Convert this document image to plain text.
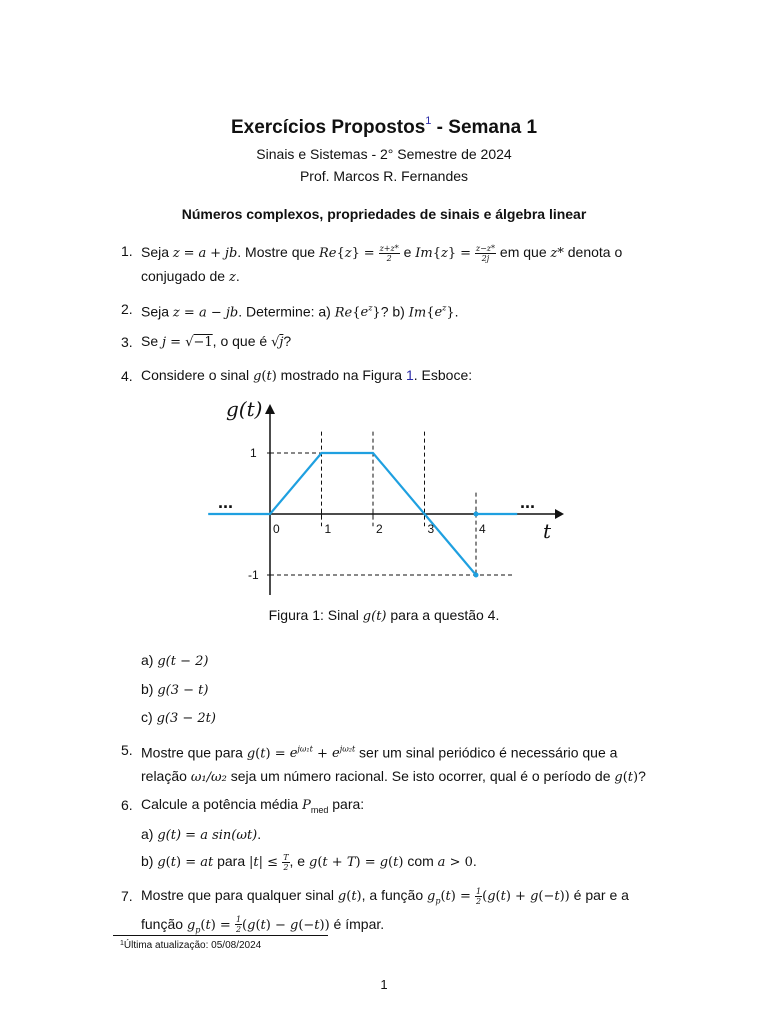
Exercícios Propostos$^1$ - Semana 1
Sinais e Sistemas - 2° Semestre de 2024
Prof. Marcos R. Fernandes
Números complexos, propriedades de sinais e álgebra linear
1. Seja z = a + jb. Mostre que $Re\{z\} = \frac{z+z*}{2}$ e $Im\{z\} = \frac{z-z*}{2j}$ em que z* denota o conjugado de z.
2. Seja z = a − jb. Determine: a) $Re\{e^z\}$? b) $Im\{e^z\}$.
3. Se j = √−1, o que é √j?
4. Considere o sinal g(t) mostrado na Figura 1. Esboce:
0	1	2	3	4
1
-1
g(t)
t
...	...
Figura 1: Sinal g(t) para a questão 4.
a) g(t − 2)
b) g(3 − t)
c) g(3 − 2t)
5. Mostre que para $g(t) = e^{j\omega_1t} + e^{j\omega_2t}$ ser um sinal periódico é necessário que a relação ω₁/ω₂ seja um número racional. Se isto ocorrer, qual é o período de g(t)?
6. Calcule a potência média $P_{med}$ para:
a) g(t) = a sin(ωt).
b) g(t) = at para $|t| \le \frac{T}{2}$ , e g(t + T) = g(t) com a > 0.
7. Mostre que para qualquer sinal g(t), a função $g_p(t) = \frac{1}{2} (g(t) + g(-t))$ é par e a função $g_p(t) = \frac{1}{2} (g(t) - g(-t))$ é ímpar.
$^1$Última atualização: 05/08/2024
1
